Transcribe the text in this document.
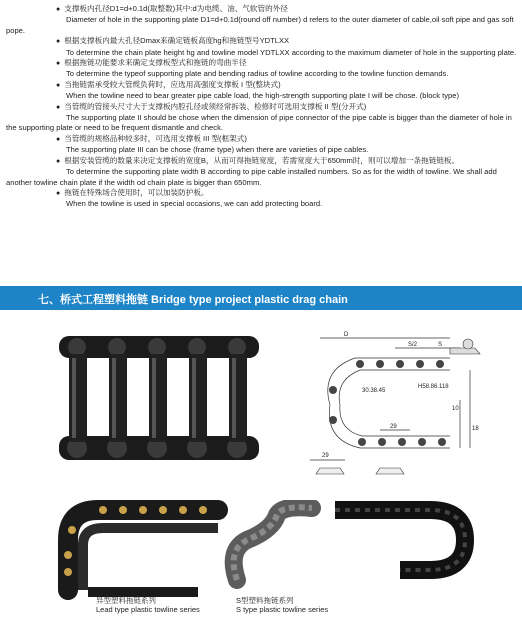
● 支撑板内孔径D1=d+0.1d(取整数)其中:d为电缆、油、气软管的外径
Diameter of hole in the supporting plate D1=d+0.1d(round off number) d refers to the outer diameter of cable,oil soft pipe and gas soft pope.
● 根据支撑板内最大孔径Dmax来确定链板高度hg和拖链型号YDTLXX
To determine the chain plate height hg and towline model YDTLXX according to the maximum diameter of hole in the supporting plate.
● 根据拖链功能要求来确定支撑板型式和拖链的弯曲半径
To determine the typeof supporting plate and bending radius of towline according to the towline function demands.
● 当拖链需承受较大管缆负荷时，应选用高强度支撑板 I 型(整块式)
When the towline need to bear greater pipe cable load, the high-strength supporting plate I will be chose. (block type)
● 当管缆的管接头尺寸大于支撑板内腔孔径或须经常拆装、检修时可选用支撑板 II 型(分开式)
The supporting plate II should be chose when the dimension of pipe connector of the pipe cable is bigger than the diameter of hole in the supporting plate or need to be frequent dismantle and check.
● 当管缆的规格品种较多时，可选用支撑板 III 型(框架式)
The supporting plate III can be chose (frame type) when there are varieties of pipe cables.
● 根据安装管缆的数量来决定支撑板的宽度B，从而可得拖链宽度，若需宽度大于650mm时，则可以增加一条拖链链板。
To determine the supporting plate width B according to pipe cable installed numbers. So as for the width of towline. We shall add another towline chain plate if the width od chain plate is bigger than 650mm.
● 拖链在特殊场合使用时，可以加装防护板。
When the towline is used in special occasions, we can add protecting board.
七、桥式工程塑料拖链 Bridge type project plastic drag chain
D
S/2	S
30.38.45
H58.86.118
29
29
10
18
异型塑料拖链系列
Lead type plastic towline series
S型塑料拖链系列
S type plastic towline series
